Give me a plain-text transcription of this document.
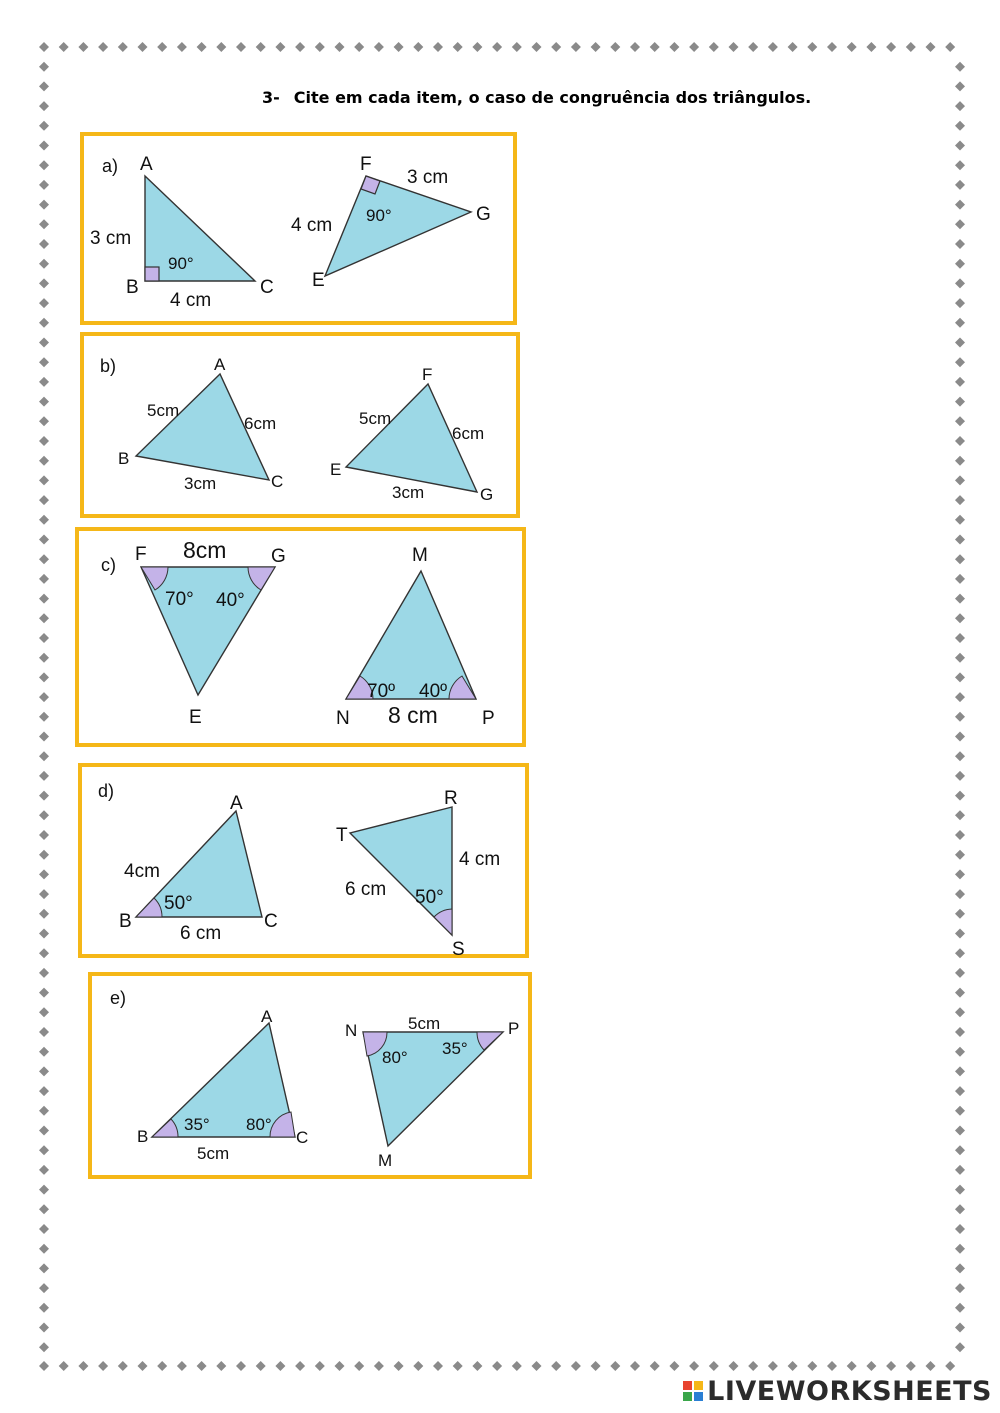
3- Cite em cada item, o caso de congruência dos triângulos.
a) A
B	C
3 cm
4 cm
90°
F
G
E
3 cm
4 cm 90°
b)	A
B
C
5cm
6cm
3cm
F
E
G
5cm
6cm
3cm
c) F	G
E
8cm
70° 40°
M
N	P
8 cm
70º 40º
d)
A
B	C
4cm
6 cm
50°
R
T
S
4 cm
6 cm 50°
e)
A
B	C
5cm
35° 80°
N	P
M
5cm
80° 35°
LIVEWORKSHEETS
